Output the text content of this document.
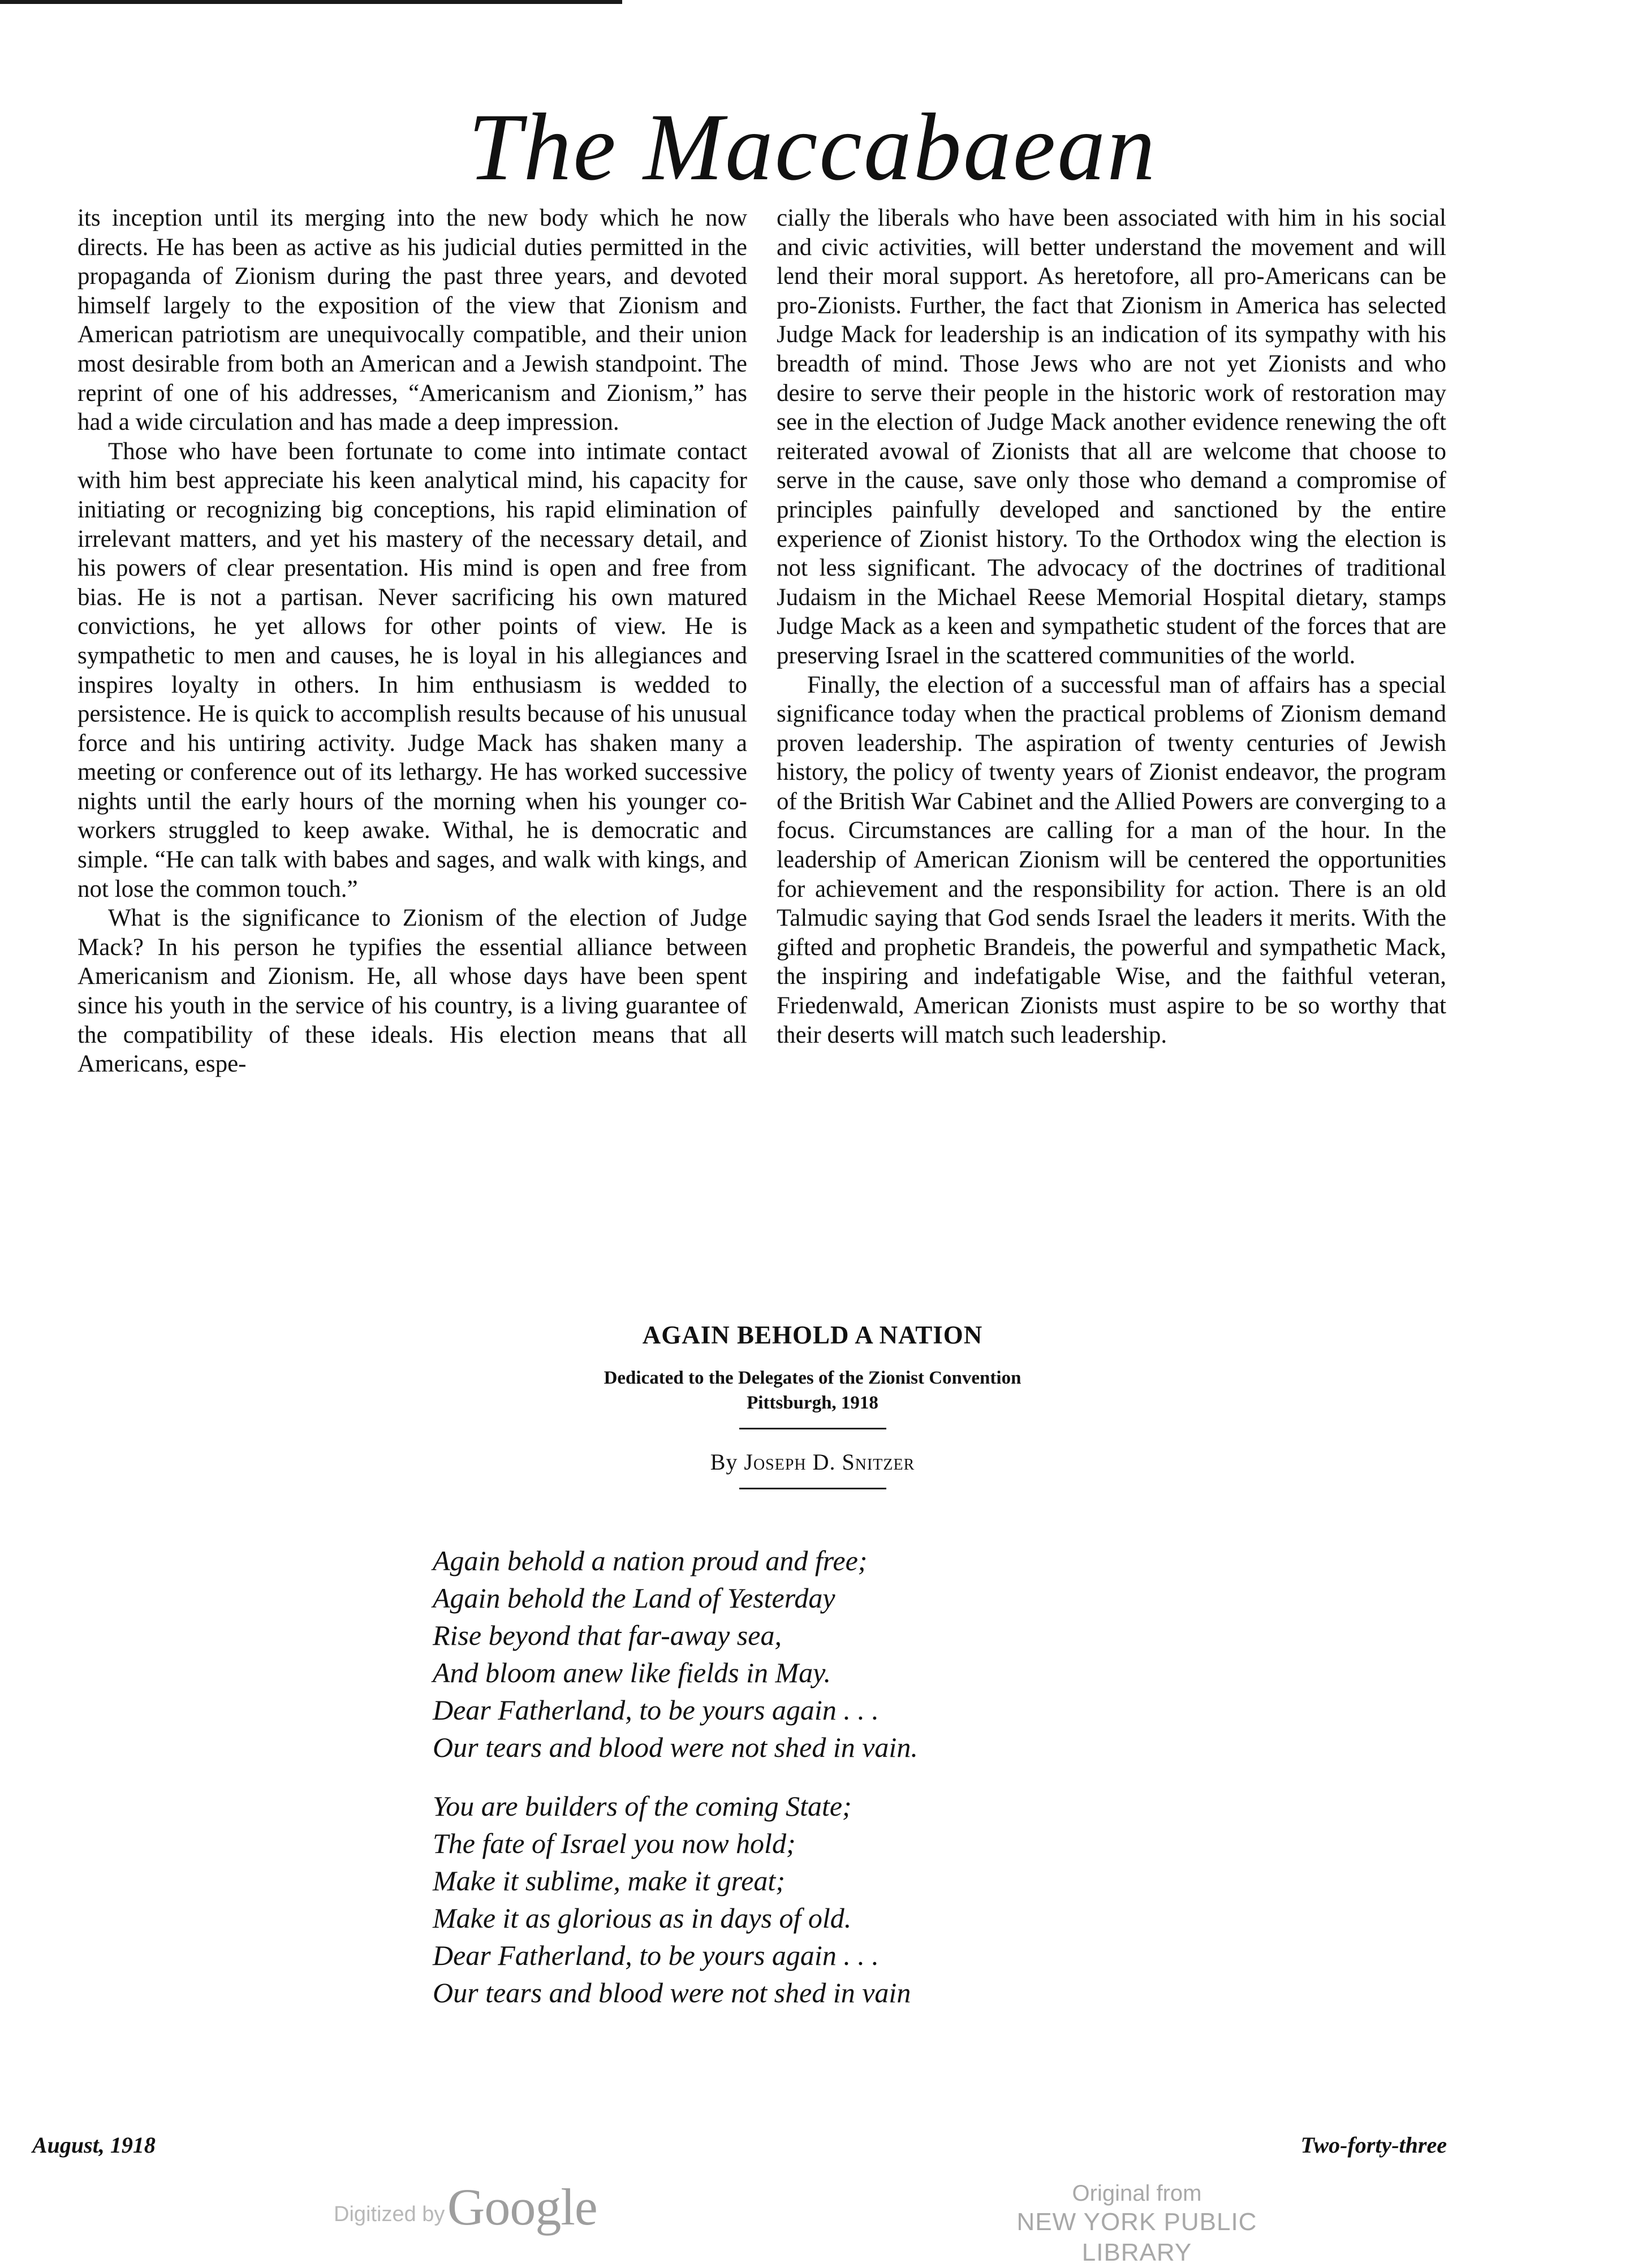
The Maccabaean

its inception until its merging into the new body which he now directs. He has been as active as his judicial duties permitted in the propaganda of Zionism during the past three years, and devoted himself largely to the exposition of the view that Zionism and American patriotism are unequivocally compatible, and their union most desirable from both an American and a Jewish standpoint. The reprint of one of his addresses, “Americanism and Zionism,” has had a wide circulation and has made a deep impression.

Those who have been fortunate to come into intimate contact with him best appreciate his keen analytical mind, his capacity for initiating or recognizing big conceptions, his rapid elimination of irrelevant matters, and yet his mastery of the necessary detail, and his powers of clear presentation. His mind is open and free from bias. He is not a partisan. Never sacrificing his own matured convictions, he yet allows for other points of view. He is sympathetic to men and causes, he is loyal in his allegiances and inspires loyalty in others. In him enthusiasm is wedded to persistence. He is quick to accomplish results because of his unusual force and his untiring activity. Judge Mack has shaken many a meeting or conference out of its lethargy. He has worked successive nights until the early hours of the morning when his younger co-workers struggled to keep awake. Withal, he is democratic and simple. “He can talk with babes and sages, and walk with kings, and not lose the common touch.”

What is the significance to Zionism of the election of Judge Mack? In his person he typifies the essential alliance between Americanism and Zionism. He, all whose days have been spent since his youth in the service of his country, is a living guarantee of the compatibility of these ideals. His election means that all Americans, espe-

cially the liberals who have been associated with him in his social and civic activities, will better understand the movement and will lend their moral support. As heretofore, all pro-Americans can be pro-Zionists. Further, the fact that Zionism in America has selected Judge Mack for leadership is an indication of its sympathy with his breadth of mind. Those Jews who are not yet Zionists and who desire to serve their people in the historic work of restoration may see in the election of Judge Mack another evidence renewing the oft reiterated avowal of Zionists that all are welcome that choose to serve in the cause, save only those who demand a compromise of principles painfully developed and sanctioned by the entire experience of Zionist history. To the Orthodox wing the election is not less significant. The advocacy of the doctrines of traditional Judaism in the Michael Reese Memorial Hospital dietary, stamps Judge Mack as a keen and sympathetic student of the forces that are preserving Israel in the scattered communities of the world.

Finally, the election of a successful man of affairs has a special significance today when the practical problems of Zionism demand proven leadership. The aspiration of twenty centuries of Jewish history, the policy of twenty years of Zionist endeavor, the program of the British War Cabinet and the Allied Powers are converging to a focus. Circumstances are calling for a man of the hour. In the leadership of American Zionism will be centered the opportunities for achievement and the responsibility for action. There is an old Talmudic saying that God sends Israel the leaders it merits. With the gifted and prophetic Brandeis, the powerful and sympathetic Mack, the inspiring and indefatigable Wise, and the faithful veteran, Friedenwald, American Zionists must aspire to be so worthy that their deserts will match such leadership.

AGAIN BEHOLD A NATION
Dedicated to the Delegates of the Zionist Convention
Pittsburgh, 1918
By Joseph D. Snitzer
Again behold a nation proud and free;
Again behold the Land of Yesterday
Rise beyond that far-away sea,
And bloom anew like fields in May.
Dear Fatherland, to be yours again . . .
Our tears and blood were not shed in vain.
You are builders of the coming State;
The fate of Israel you now hold;
Make it sublime, make it great;
Make it as glorious as in days of old.
Dear Fatherland, to be yours again . . .
Our tears and blood were not shed in vain
August, 1918	Two-forty-three
Digitized by Google	Original from
NEW YORK PUBLIC LIBRARY
